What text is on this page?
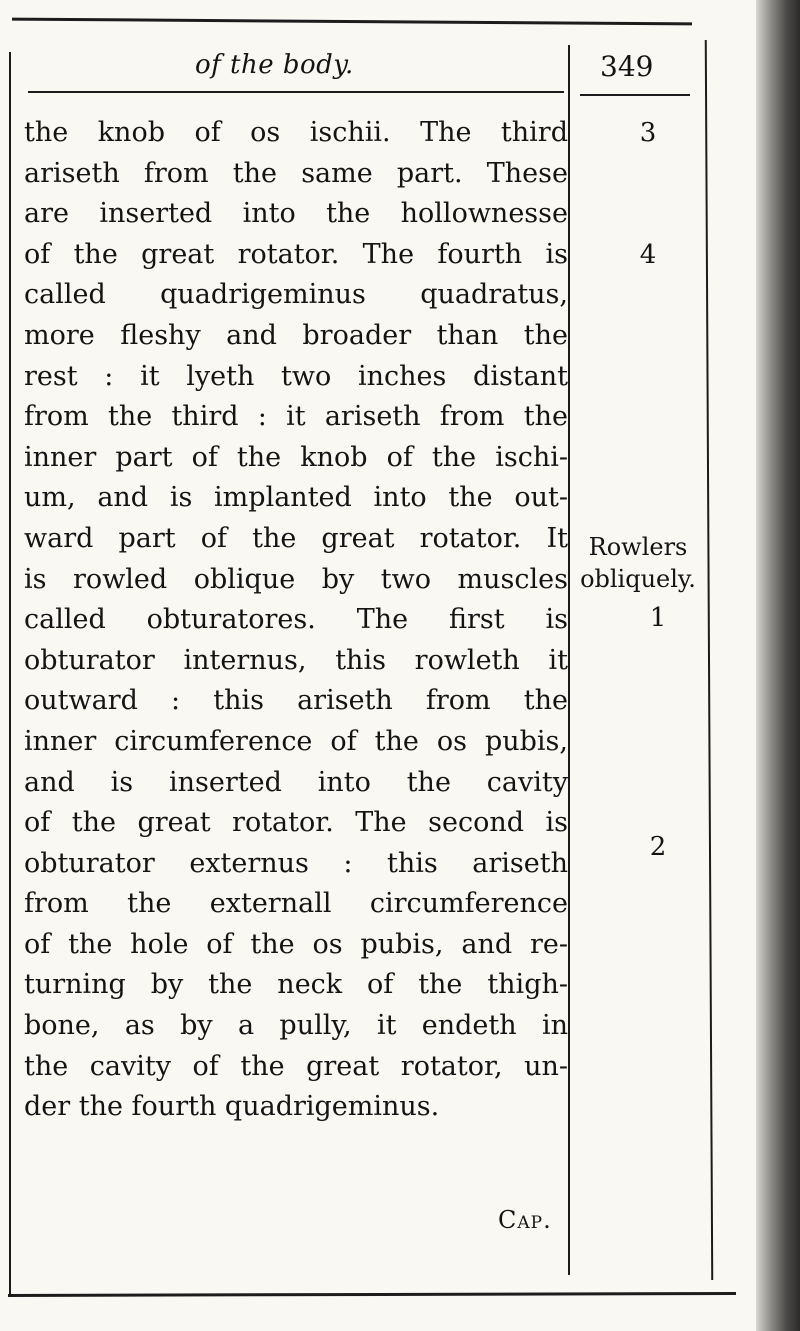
of the body.	349
the knob of os ischii. The third
ariseth from the same part. These
are inserted into the hollownesse
of the great rotator. The fourth is
called quadrigeminus quadratus,
more fleshy and broader than the
rest : it lyeth two inches distant
from the third : it ariseth from the
inner part of the knob of the ischi-
um, and is implanted into the out-
ward part of the great rotator. It
is rowled oblique by two muscles
called obturatores. The first is
obturator internus, this rowleth it
outward : this ariseth from the
inner circumference of the os pubis,
and is inserted into the cavity
of the great rotator. The second is
obturator externus : this ariseth
from the externall circumference
of the hole of the os pubis, and re-
turning by the neck of the thigh-
bone, as by a pully, it endeth in
the cavity of the great rotator, un-
der the fourth quadrigeminus.
3
4
Rowlers
obliquely.
1
2
Cap.
